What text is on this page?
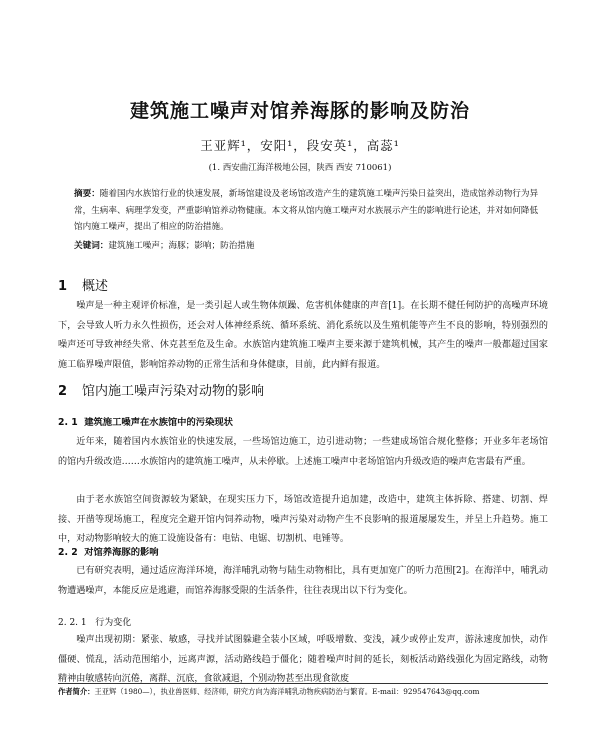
建筑施工噪声对馆养海豚的影响及防治
王亚辉¹，安阳¹，段安英¹，高蕊¹
(1. 西安曲江海洋极地公园，陕西 西安 710061)
摘要：随着国内水族馆行业的快速发展，新场馆建设及老场馆改造产生的建筑施工噪声污染日益突出，造成馆养动物行为异常，生病率、病理学发变，严重影响馆养动物健康。本文将从馆内施工噪声对水族展示产生的影响进行论述，并对如何降低馆内施工噪声，提出了相应的防治措施。
关键词：建筑施工噪声；海豚；影响；防治措施
1 概述
噪声是一种主观评价标准，是一类引起人或生物体烦躁、危害机体健康的声音[1]。在长期不健任何防护的高噪声环境下，会导致人听力永久性损伤，还会对人体神经系统、循环系统、消化系统以及生殖机能等产生不良的影响，特别强烈的噪声还可导致神经失常、休克甚至危及生命。水族馆内建筑施工噪声主要来源于建筑机械，其产生的噪声一般都超过国家施工临界噪声限值，影响馆养动物的正常生活和身体健康，目前，此内鲜有报道。
2 馆内施工噪声污染对动物的影响
2. 1 建筑施工噪声在水族馆中的污染现状
近年来，随着国内水族馆业的快速发展，一些场馆边施工，边引进动物；一些建成场馆合规化整修；开业多年老场馆的馆内升级改造……水族馆内的建筑施工噪声，从未停歇。上述施工噪声中老场馆馆内升级改造的噪声危害最有严重。
由于老水族馆空间资源较为紧缺，在现实压力下，场馆改造提升追加建，改造中，建筑主体拆除、搭建、切割、焊接、开凿等现场施工，程度完全避开馆内饲养动物，噪声污染对动物产生不良影响的报道屡屡发生，并呈上升趋势。施工中，对动物影响较大的施工设施设备有：电钻、电锯、切割机、电锤等。
2. 2 对馆养海豚的影响
已有研究表明，通过适应海洋环境，海洋哺乳动物与陆生动物相比，具有更加宽广的听力范围[2]。在海洋中，哺乳动物遭遇噪声，本能反应是逃避，而馆养海豚受限的生活条件，往往表现出以下行为变化。
2. 2. 1 行为变化
噪声出现初期：紧张、敏感，寻找并试图躲避全装小区域，呼吸增数、变浅，减少或停止发声，游泳速度加快，动作僵硬、慌乱，活动范围缩小，远离声源，活动路线趋于僵化；随着噪声时间的延长，刻板活动路线强化为固定路线，动物精神由敏感转向沉倦，离群、沉底，食欲减退，个别动物甚至出现食欲废
作者简介：王亚辉（1980—），执业兽医师、经济师，研究方向为海洋哺乳动物疾病防治与繁育。E-mail：929547643@qq.com
